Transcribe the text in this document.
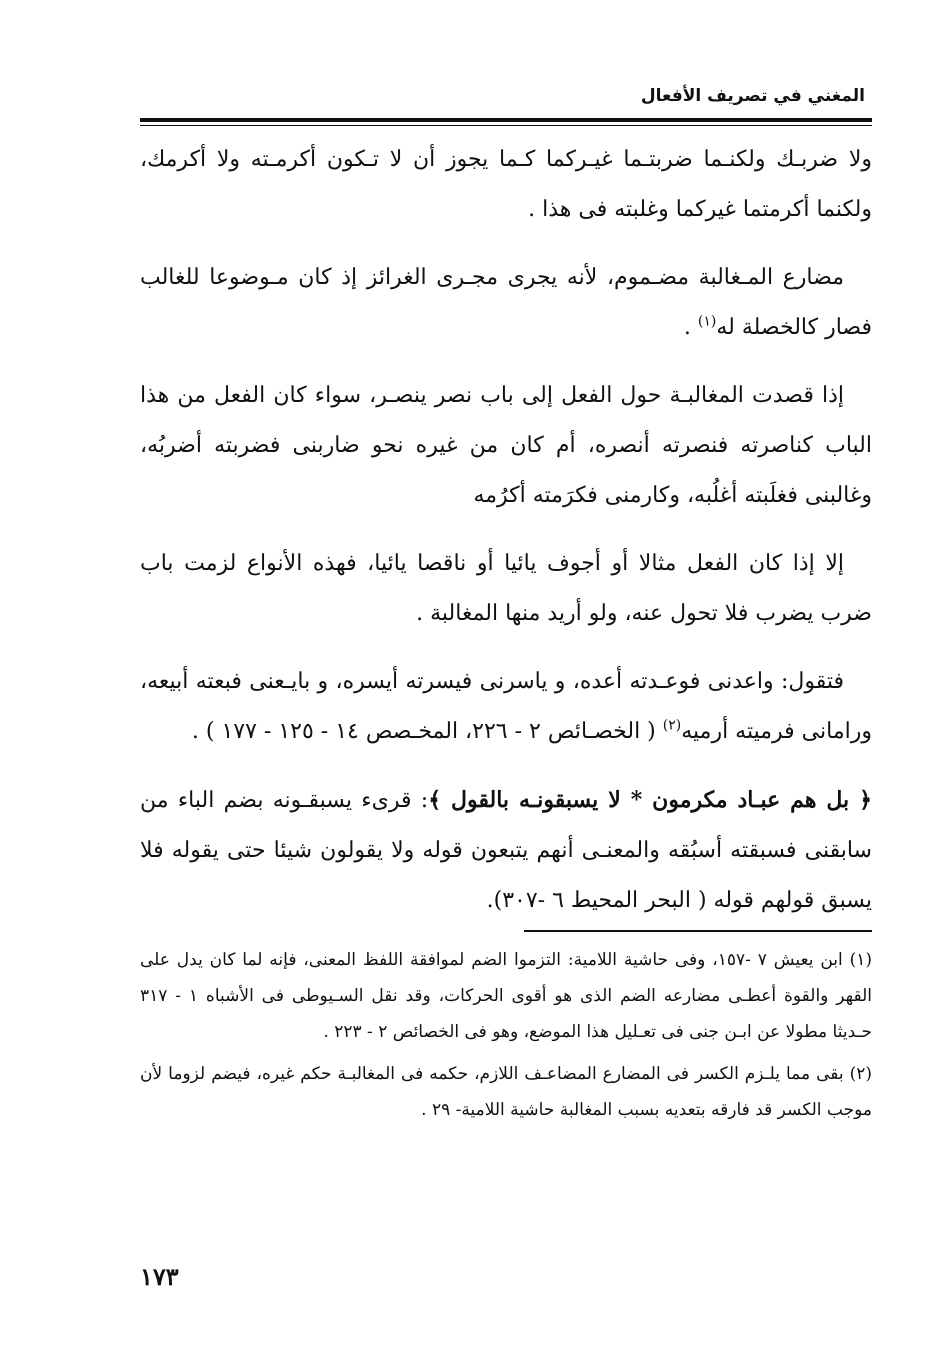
المغني في تصريف الأفعال

ولا ضربـك ولكنـما ضربتـما غيـركما كـما يجوز أن لا تـكون أكرمـته ولا أكرمك، ولكنما أكرمتما غيركما وغلبته فى هذا .

مضارع المـغالبة مضـموم، لأنه يجرى مجـرى الغرائز إذ كان مـوضوعا للغالب فصار كالخصلة له$^{(١)}$ .

إذا قصدت المغالبـة حول الفعل إلى باب نصر ينصـر، سواء كان الفعل من هذا الباب كناصرته فنصرته أنصره، أم كان من غيره نحو ضاربنى فضربته أضربُه، وغالبنى فغلَبته أغلُبه، وكارمنى فكرَمته أكرُمه

إلا إذا كان الفعل مثالا أو أجوف يائيا أو ناقصا يائيا، فهذه الأنواع لزمت باب ضرب يضرب فلا تحول عنه، ولو أريد منها المغالبة .

فتقول: واعدنى فوعـدته أعده، و ياسرنى فيسرته أيسره، و بايـعنى فبعته أبيعه، ورامانى فرميته أرميه$^{(٢)}$ ( الخصـائص ٢ - ٢٢٦، المخـصص ١٤ - ١٢٥ - ١٧٧ ) .

﴿ بل هم عبـاد مكرمون * لا يسبقونـه بالقول ﴾: قرىء يسبقـونه بضم الباء من سابقنى فسبقته أسبُقه والمعنـى أنهم يتبعون قوله ولا يقولون شيئا حتى يقوله فلا يسبق قولهم قوله ( البحر المحيط ٦ -٣٠٧).

(١) ابن يعيش ٧ -١٥٧، وفى حاشية اللامية: التزموا الضم لموافقة اللفظ المعنى، فإنه لما كان يدل على القهر والقوة أعطـى مضارعه الضم الذى هو أقوى الحركات، وقد نقل السـيوطى فى الأشباه ١ - ٣١٧ حـديثا مطولا عن ابـن جنى فى تعـليل هذا الموضع، وهو فى الخصائص ٢ - ٢٢٣ .

(٢) بقى مما يلـزم الكسر فى المضارع المضاعـف اللازم، حكمه فى المغالبـة حكم غيره، فيضم لزوما لأن موجب الكسر قد فارقه بتعديه بسبب المغالبة حاشية اللامية- ٢٩ .

١٧٣
